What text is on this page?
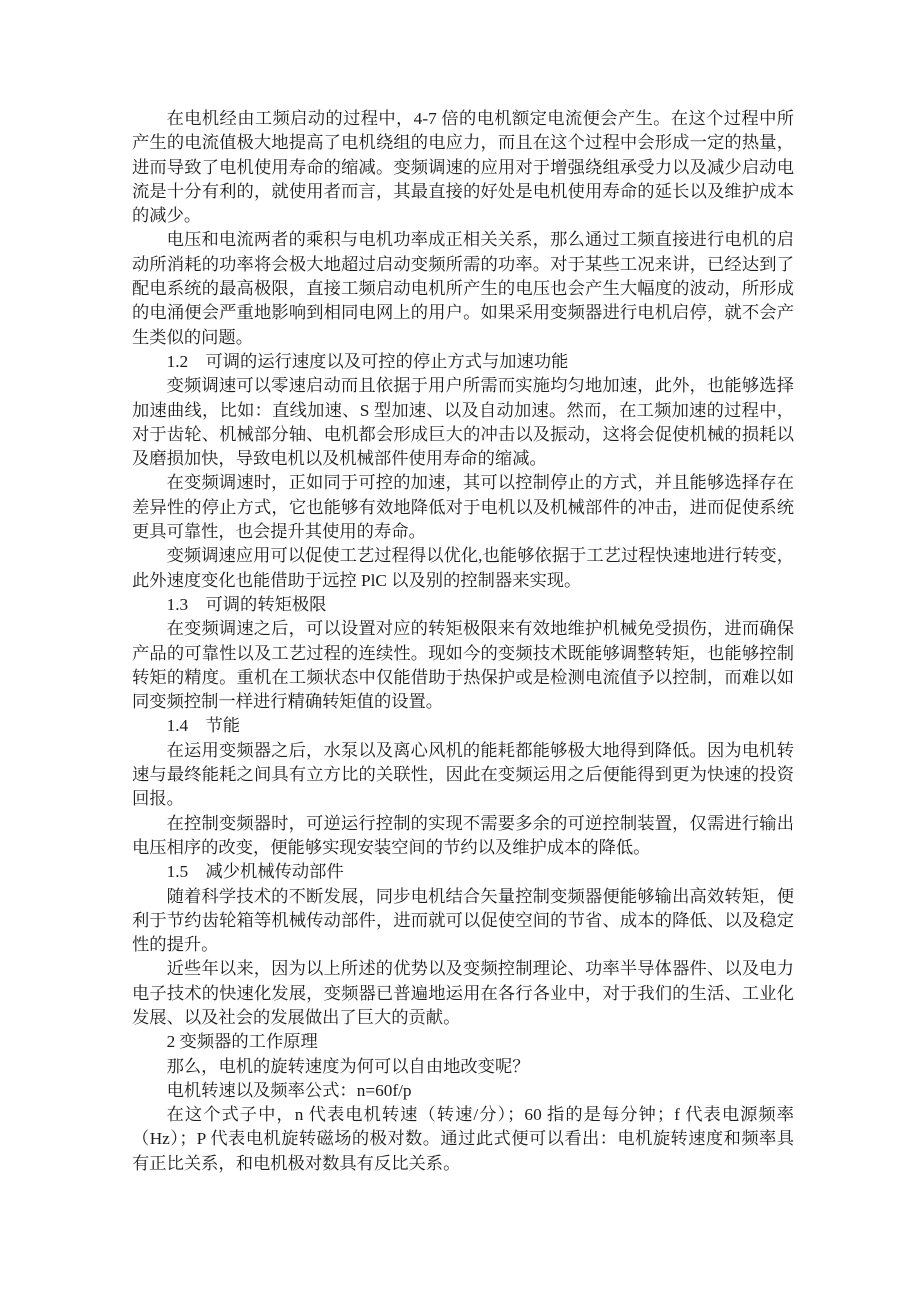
在电机经由工频启动的过程中，4-7 倍的电机额定电流便会产生。在这个过程中所产生的电流值极大地提高了电机绕组的电应力，而且在这个过程中会形成一定的热量，进而导致了电机使用寿命的缩减。变频调速的应用对于增强绕组承受力以及减少启动电流是十分有利的，就使用者而言，其最直接的好处是电机使用寿命的延长以及维护成本的减少。

电压和电流两者的乘积与电机功率成正相关关系，那么通过工频直接进行电机的启动所消耗的功率将会极大地超过启动变频所需的功率。对于某些工况来讲，已经达到了配电系统的最高极限，直接工频启动电机所产生的电压也会产生大幅度的波动，所形成的电涌便会严重地影响到相同电网上的用户。如果采用变频器进行电机启停，就不会产生类似的问题。

1.2　可调的运行速度以及可控的停止方式与加速功能

变频调速可以零速启动而且依据于用户所需而实施均匀地加速，此外，也能够选择加速曲线，比如：直线加速、S 型加速、以及自动加速。然而，在工频加速的过程中，对于齿轮、机械部分轴、电机都会形成巨大的冲击以及振动，这将会促使机械的损耗以及磨损加快，导致电机以及机械部件使用寿命的缩减。

在变频调速时，正如同于可控的加速，其可以控制停止的方式，并且能够选择存在差异性的停止方式，它也能够有效地降低对于电机以及机械部件的冲击，进而促使系统更具可靠性，也会提升其使用的寿命。

变频调速应用可以促使工艺过程得以优化,也能够依据于工艺过程快速地进行转变，此外速度变化也能借助于远控 PlC 以及别的控制器来实现。

1.3　可调的转矩极限

在变频调速之后，可以设置对应的转矩极限来有效地维护机械免受损伤，进而确保产品的可靠性以及工艺过程的连续性。现如今的变频技术既能够调整转矩，也能够控制转矩的精度。重机在工频状态中仅能借助于热保护或是检测电流值予以控制，而难以如同变频控制一样进行精确转矩值的设置。

1.4　节能

在运用变频器之后，水泵以及离心风机的能耗都能够极大地得到降低。因为电机转速与最终能耗之间具有立方比的关联性，因此在变频运用之后便能得到更为快速的投资回报。

在控制变频器时，可逆运行控制的实现不需要多余的可逆控制装置，仅需进行输出电压相序的改变，便能够实现安装空间的节约以及维护成本的降低。

1.5　减少机械传动部件

随着科学技术的不断发展，同步电机结合矢量控制变频器便能够输出高效转矩，便利于节约齿轮箱等机械传动部件，进而就可以促使空间的节省、成本的降低、以及稳定性的提升。

近些年以来，因为以上所述的优势以及变频控制理论、功率半导体器件、以及电力电子技术的快速化发展，变频器已普遍地运用在各行各业中，对于我们的生活、工业化发展、以及社会的发展做出了巨大的贡献。

2 变频器的工作原理

那么，电机的旋转速度为何可以自由地改变呢？

电机转速以及频率公式：n=60f/p

在这个式子中，n 代表电机转速（转速/分）；60 指的是每分钟；f 代表电源频率（Hz）；P 代表电机旋转磁场的极对数。通过此式便可以看出：电机旋转速度和频率具有正比关系，和电机极对数具有反比关系。
